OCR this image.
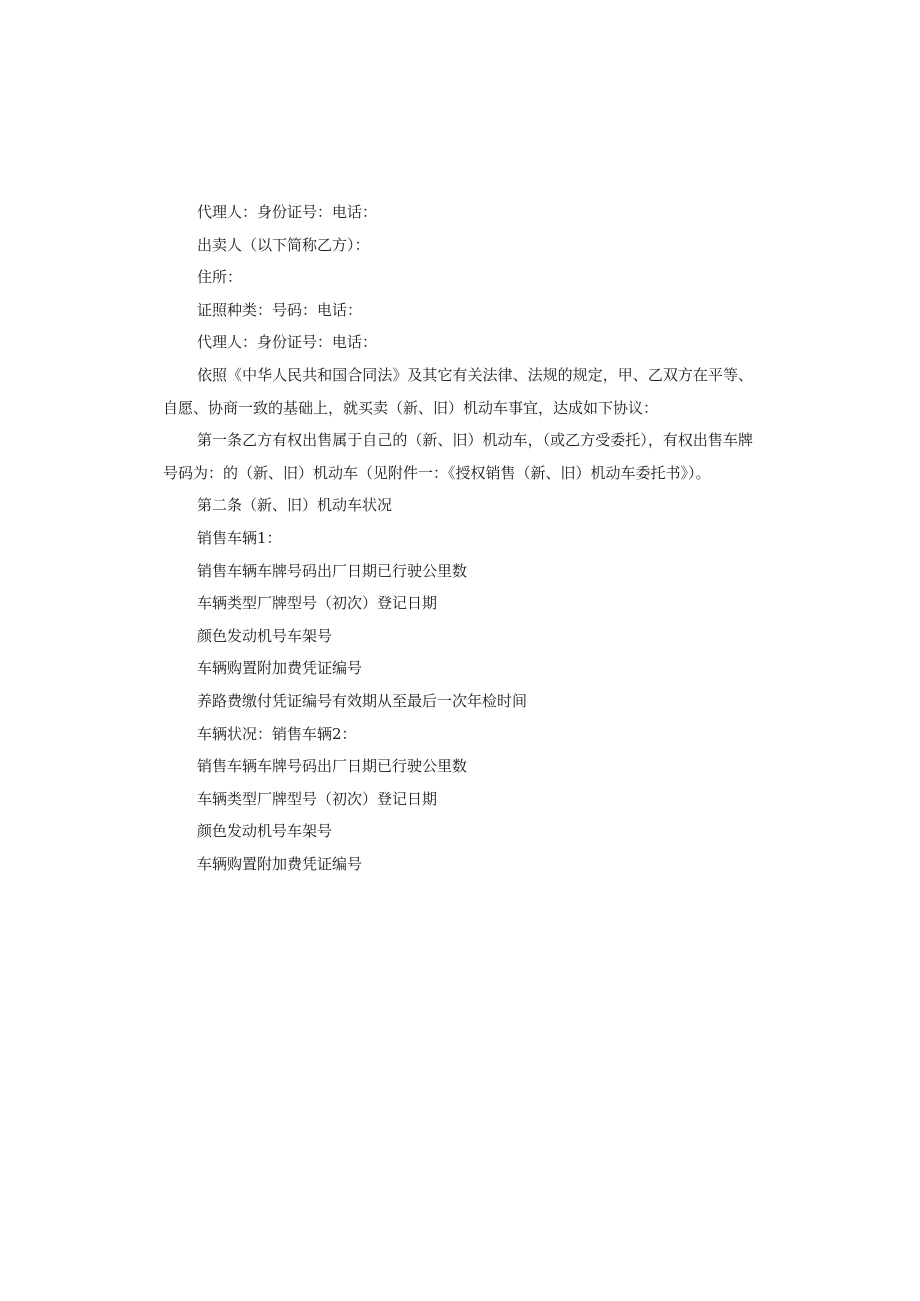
代理人：身份证号：电话：

出卖人（以下简称乙方）：

住所：

证照种类：号码：电话：

代理人：身份证号：电话：

依照《中华人民共和国合同法》及其它有关法律、法规的规定，甲、乙双方在平等、自愿、协商一致的基础上，就买卖（新、旧）机动车事宜，达成如下协议：

第一条乙方有权出售属于自己的（新、旧）机动车，（或乙方受委托），有权出售车牌号码为：的（新、旧）机动车（见附件一：《授权销售（新、旧）机动车委托书》）。

第二条（新、旧）机动车状况

销售车辆1：

销售车辆车牌号码出厂日期已行驶公里数

车辆类型厂牌型号（初次）登记日期

颜色发动机号车架号

车辆购置附加费凭证编号

养路费缴付凭证编号有效期从至最后一次年检时间

车辆状况：销售车辆2：

销售车辆车牌号码出厂日期已行驶公里数

车辆类型厂牌型号（初次）登记日期

颜色发动机号车架号

车辆购置附加费凭证编号
